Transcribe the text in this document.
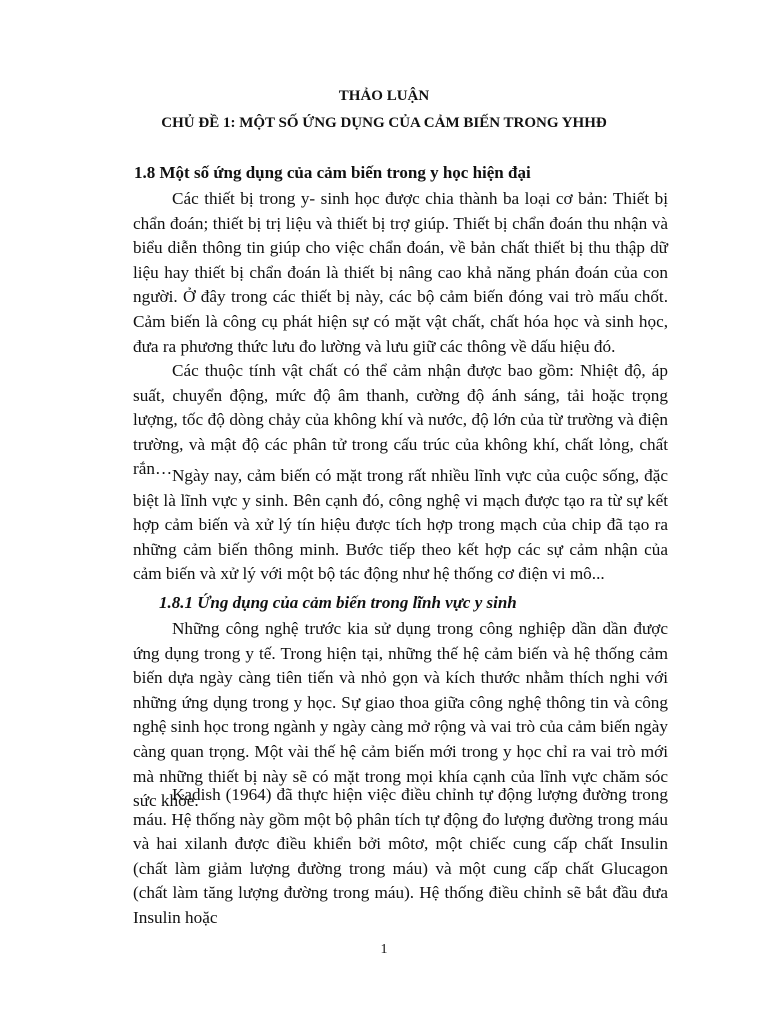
THẢO LUẬN
CHỦ ĐỀ 1: MỘT SỐ ỨNG DỤNG CỦA CẢM BIẾN TRONG YHHĐ
1.8 Một số ứng dụng của cảm biến trong y học hiện đại

Các thiết bị trong y- sinh học được chia thành ba loại cơ bản: Thiết bị chẩn đoán; thiết bị trị liệu và thiết bị trợ giúp. Thiết bị chẩn đoán thu nhận và biểu diễn thông tin giúp cho việc chẩn đoán, về bản chất thiết bị thu thập dữ liệu hay thiết bị chẩn đoán là thiết bị nâng cao khả năng phán đoán của con người. Ở đây trong các thiết bị này, các bộ cảm biến đóng vai trò mấu chốt. Cảm biến là công cụ phát hiện sự có mặt vật chất, chất hóa học và sinh học, đưa ra phương thức lưu đo lường và lưu giữ các thông về dấu hiệu đó.

Các thuộc tính vật chất có thể cảm nhận được bao gồm: Nhiệt độ, áp suất, chuyển động, mức độ âm thanh, cường độ ánh sáng, tải hoặc trọng lượng, tốc độ dòng chảy của không khí và nước, độ lớn của từ trường và điện trường, và mật độ các phân tử trong cấu trúc của không khí, chất lỏng, chất rắn… Ngày nay, cảm biến có mặt trong rất nhiều lĩnh vực của cuộc sống, đặc biệt là lĩnh vực y sinh. Bên cạnh đó, công nghệ vi mạch được tạo ra từ sự kết hợp cảm biến và xử lý tín hiệu được tích hợp trong mạch của chip đã tạo ra những cảm biến thông minh. Bước tiếp theo kết hợp các sự cảm nhận của cảm biến và xử lý với một bộ tác động như hệ thống cơ điện vi mô...

1.8.1 Ứng dụng của cảm biến trong lĩnh vực y sinh

Những công nghệ trước kia sử dụng trong công nghiệp dần dần được ứng dụng trong y tế. Trong hiện tại, những thế hệ cảm biến và hệ thống cảm biến dựa ngày càng tiên tiến và nhỏ gọn và kích thước nhằm thích nghi với những ứng dụng trong y học. Sự giao thoa giữa công nghệ thông tin và công nghệ sinh học trong ngành y ngày càng mở rộng và vai trò của cảm biến ngày càng quan trọng. Một vài thế hệ cảm biến mới trong y học chỉ ra vai trò mới mà những thiết bị này sẽ có mặt trong mọi khía cạnh của lĩnh vực chăm sóc sức khỏe.

Kadish (1964) đã thực hiện việc điều chỉnh tự động lượng đường trong máu. Hệ thống này gồm một bộ phân tích tự động đo lượng đường trong máu và hai xilanh được điều khiển bởi môtơ, một chiếc cung cấp chất Insulin (chất làm giảm lượng đường trong máu) và một cung cấp chất Glucagon (chất làm tăng lượng đường trong máu). Hệ thống điều chỉnh sẽ bắt đầu đưa Insulin hoặc

1
